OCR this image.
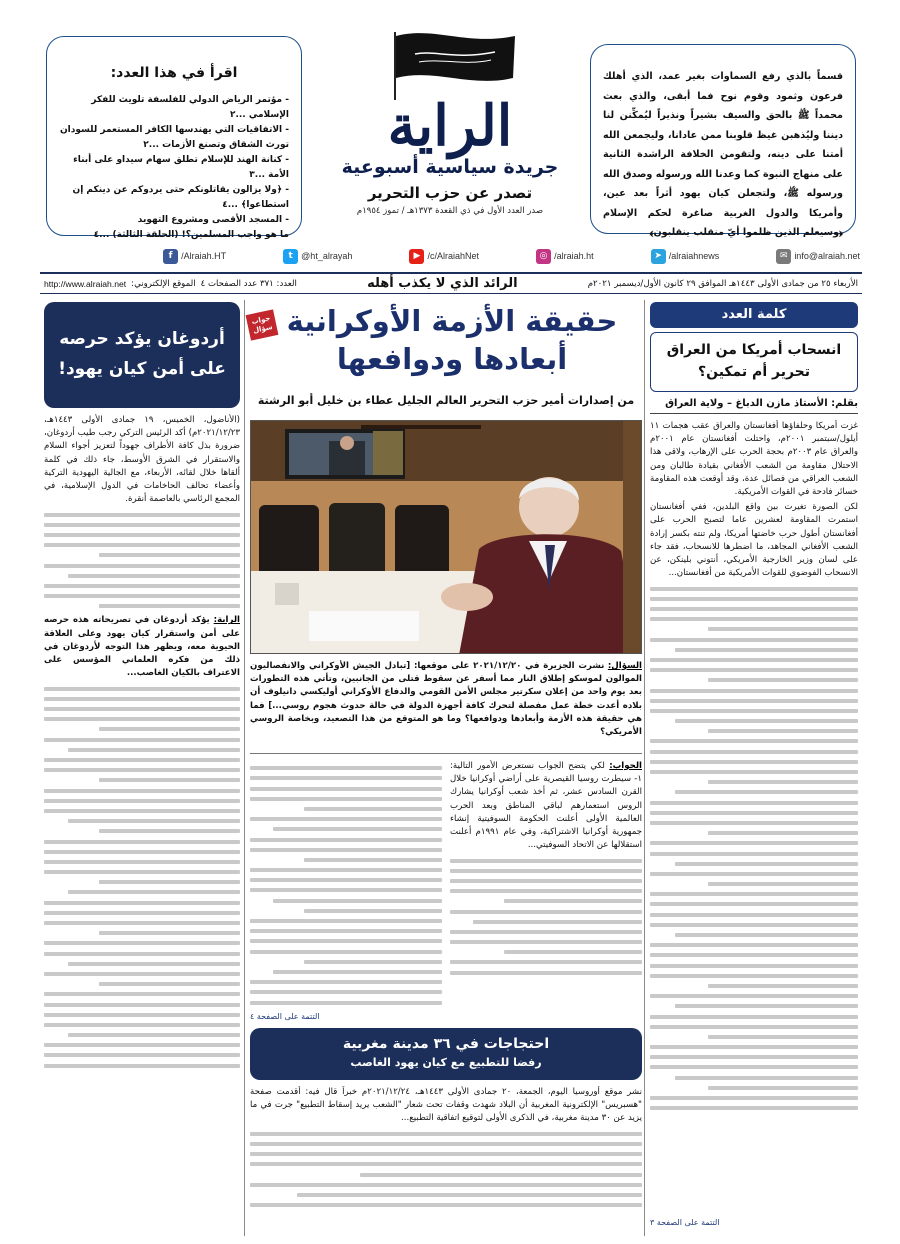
اقرأ في هذا العدد:
- مؤتمر الرياض الدولي للفلسفة تلويث للفكر الإسلامي ...٢
- الاتفاقيات التي يهندسها الكافر المستعمر للسودان تورث الشقاق وتصنع الأزمات ...٢
- كنانة الهند للإسلام تطلق سهام سيداو على أبناء الأمة ...٣
- ﴿ولا يزالون يقاتلونكم حتى يردوكم عن دينكم إن استطاعوا﴾ ...٤
- المسجد الأقصى ومشروع التهويد
ما هو واجب المسلمين؟! (الحلقة الثالثة) ...٤
الراية
جريدة سياسية أسبوعية
تصدر عن حزب التحرير
صدر العدد الأول في ذي القعدة ١٣٧٣هـ / تموز ١٩٥٤م
قسماً بالذي رفع السماوات بغير عمد، الذي أهلك فرعون وثمود وقوم نوح فما أبقى، والذي بعث محمداً ﷺ بالحق والسيف بشيراً ونذيراً ليُمكِّنن لنا ديننا وليُذهبن غيظ قلوبنا ممن عادانا، وليجمعن الله أمتنا على دينه، ولتقومن الخلافة الراشدة الثانية على منهاج النبوة كما وعدنا الله ورسوله وصدق الله ورسوله ﷺ، ولتجعلن كيان يهود أثراً بعد عين، وأمريكا والدول الغربية صاغرة لحكم الإسلام ﴿وسيعلم الذين ظلموا أيّ منقلب ينقلبون﴾
✉ info@alraiah.net
➤ /alraiahnews
◎ /alraiah.ht
▶ /c/AlraiahNet
t @ht_alrayah
f /Alraiah.HT
الأربعاء ٢٥ من جمادى الأولى ١٤٤٣هـ الموافق ٢٩ كانون الأول/ديسمبر ٢٠٢١م
الرائد الذي لا يكذب أهله
العدد: ٣٧١ عدد الصفحات ٤
الموقع الإلكتروني:
http://www.alraiah.net
كلمة العدد
انسحاب أمريكا من العراق
تحرير أم تمكين؟
بقلم: الأستاذ مازن الدباغ – ولاية العراق

غزت أمريكا وحلفاؤها أفغانستان والعراق عقب هجمات ١١ أيلول/سبتمبر ٢٠٠١م، واحتلت أفغانستان عام ٢٠٠١م والعراق عام ٢٠٠٣م بحجة الحرب على الإرهاب، ولاقى هذا الاحتلال مقاومة من الشعب الأفغاني بقيادة طالبان ومن الشعب العراقي من فصائل عدة، وقد أوقعت هذه المقاومة خسائر فادحة في القوات الأمريكية.

لكن الصورة تغيرت بين واقع البلدين، ففي أفغانستان استمرت المقاومة لعشرين عاما لتصبح الحرب على أفغانستان أطول حرب خاضتها أمريكا، ولم تنته بكسر إرادة الشعب الأفغاني المجاهد، ما اضطرها للانسحاب، فقد جاء على لسان وزير الخارجية الأمريكي، أنتوني بلينكن، عن الانسحاب الفوضوي للقوات الأمريكية من أفغانستان...

التتمة على الصفحة ٣
جواب سؤال حقيقة الأزمة الأوكرانية
أبعادها ودوافعها
من إصدارات أمير حزب التحرير العالم الجليل عطاء بن خليل أبو الرشتة
السؤال: نشرت الجزيرة في ٢٠٢١/١٢/٢٠ على موقعها: [تبادل الجيش الأوكراني والانفصاليون الموالون لموسكو إطلاق النار مما أسفر عن سقوط قتلى من الجانبين، وتأتي هذه التطورات بعد يوم واحد من إعلان سكرتير مجلس الأمن القومي والدفاع الأوكراني أوليكسي دانيلوف أن بلاده أعدت خطة عمل مفصلة لتحرك كافة أجهزة الدولة في حالة حدوث هجوم روسي...] فما هي حقيقة هذه الأزمة وأبعادها ودوافعها؟ وما هو المتوقع من هذا التصعيد، وبخاصة الروسي الأمريكي؟
الجواب: لكي يتضح الجواب نستعرض الأمور التالية: ١- سيطرت روسيا القيصرية على أراضي أوكرانيا خلال القرن السادس عشر، ثم أخذ شعب أوكرانيا يشارك الروس استعمارهم لباقي المناطق وبعد الحرب العالمية الأولى أعلنت الحكومة السوفيتية إنشاء جمهورية أوكرانيا الاشتراكية، وفي عام ١٩٩١م أعلنت استقلالها عن الاتحاد السوفيتي...
التتمة على الصفحة ٤
احتجاجات في ٣٦ مدينة مغربية
رفضا للتطبيع مع كيان يهود الغاصب
نشر موقع أوروسيا اليوم، الجمعة، ٢٠ جمادى الأولى ١٤٤٣هـ، ٢٠٢١/١٢/٢٤م خبراً قال فيه: أقدمت صفحة "هسبريس" الإلكترونية المغربية أن البلاد شهدت وقفات تحت شعار "الشعب يريد إسقاط التطبيع" جرت في ما يزيد عن ٣٠ مدينة مغربية، في الذكرى الأولى لتوقيع اتفاقية التطبيع...
أردوغان يؤكد حرصه
على أمن كيان يهود!

(الأناضول، الخميس، ١٩ جمادى الأولى ١٤٤٣هـ، ٢٠٢١/١٢/٢٣م) أكد الرئيس التركي رجب طيب أردوغان، ضرورة بذل كافة الأطراف جهوداً لتعزيز أجواء السلام والاستقرار في الشرق الأوسط، جاء ذلك في كلمة ألقاها خلال لقائه، الأربعاء، مع الجالية اليهودية التركية وأعضاء تحالف الحاخامات في الدول الإسلامية، في المجمع الرئاسي بالعاصمة أنقرة.

الراية: يؤكد أردوغان في تصريحاته هذه حرصه على أمن واستقرار كيان يهود وعلى العلاقة الحيوية معه، ويظهر هذا التوجه لأردوغان في ذلك من فكره العلماني المؤسس على الاعتراف بالكيان الغاصب...
